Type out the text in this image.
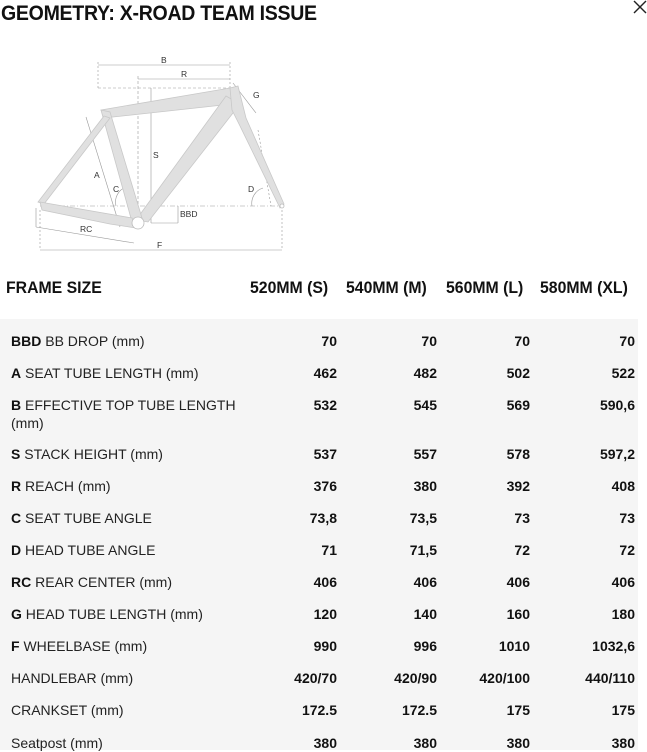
GEOMETRY: X-ROAD TEAM ISSUE
B
R
G
S
A
C	D
BBD
RC
F
FRAME SIZE	520MM (S) 540MM (M) 560MM (L) 580MM (XL)
BBD BB DROP (mm)	70	70	70	70
A SEAT TUBE LENGTH (mm)	462	482	502	522
B EFFECTIVE TOP TUBE LENGTH (mm)
532	545	569	590,6
S STACK HEIGHT (mm)	537	557	578	597,2
R REACH (mm)	376	380	392	408
C SEAT TUBE ANGLE	73,8	73,5	73	73
D HEAD TUBE ANGLE	71	71,5	72	72
RC REAR CENTER (mm)	406	406	406	406
G HEAD TUBE LENGTH (mm)	120	140	160	180
F WHEELBASE (mm)	990	996	1010	1032,6
HANDLEBAR (mm)	420/70	420/90	420/100	440/110
CRANKSET (mm)	172.5	172.5	175	175
Seatpost (mm)	380	380	380	380
